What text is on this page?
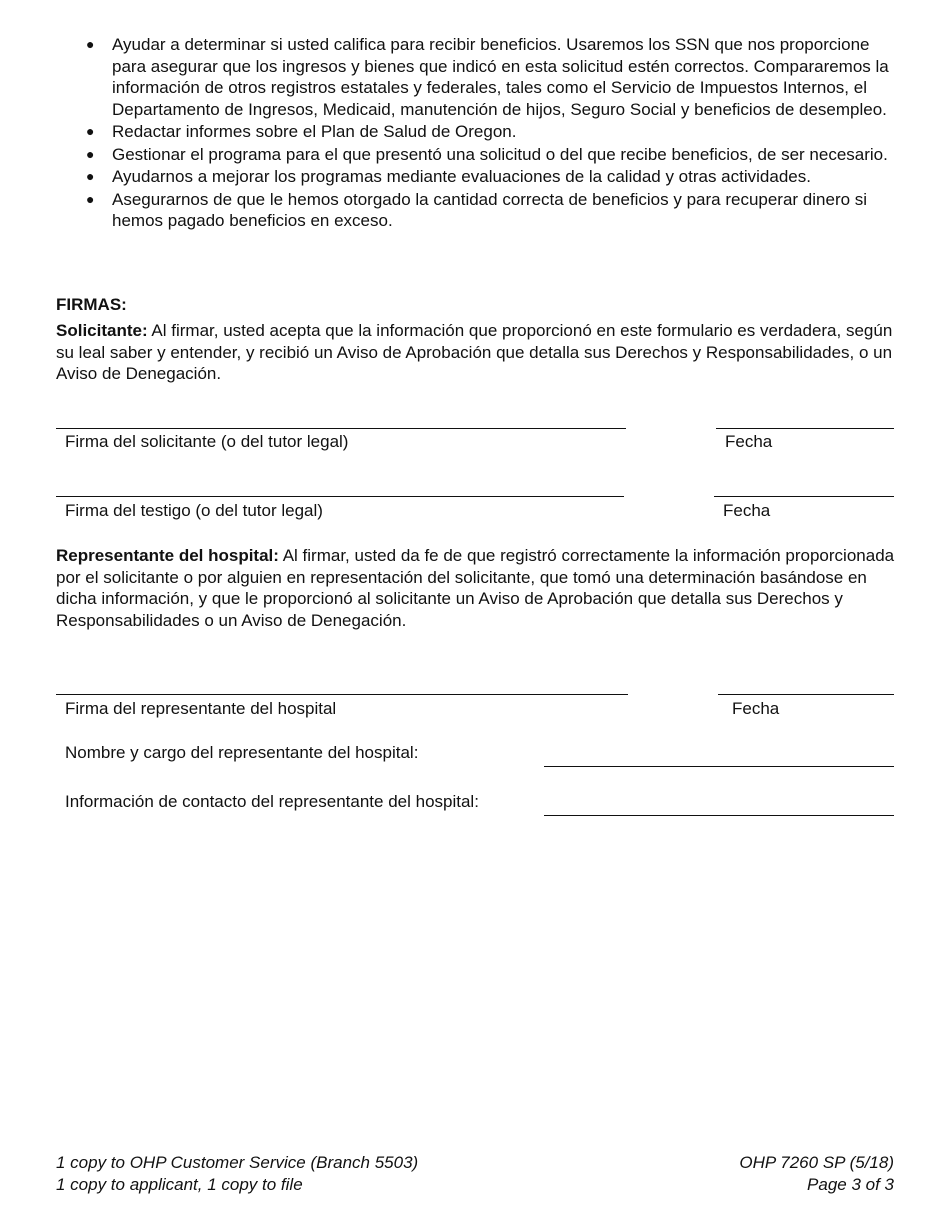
● Ayudar a determinar si usted califica para recibir beneficios. Usaremos los SSN que nos proporcione para asegurar que los ingresos y bienes que indicó en esta solicitud estén correctos. Compararemos la información de otros registros estatales y federales, tales como el Servicio de Impuestos Internos, el Departamento de Ingresos, Medicaid, manutención de hijos, Seguro Social y beneficios de desempleo.
● Redactar informes sobre el Plan de Salud de Oregon.
● Gestionar el programa para el que presentó una solicitud o del que recibe beneficios, de ser necesario.
● Ayudarnos a mejorar los programas mediante evaluaciones de la calidad y otras actividades.
● Asegurarnos de que le hemos otorgado la cantidad correcta de beneficios y para recuperar dinero si hemos pagado beneficios en exceso.

FIRMAS:

Solicitante: Al firmar, usted acepta que la información que proporcionó en este formulario es verdadera, según su leal saber y entender, y recibió un Aviso de Aprobación que detalla sus Derechos y Responsabilidades, o un Aviso de Denegación.

Firma del solicitante (o del tutor legal)	Fecha

Firma del testigo (o del tutor legal)	Fecha

Representante del hospital: Al firmar, usted da fe de que registró correctamente la información proporcionada por el solicitante o por alguien en representación del solicitante, que tomó una determinación basándose en dicha información, y que le proporcionó al solicitante un Aviso de Aprobación que detalla sus Derechos y Responsabilidades o un Aviso de Denegación.

Firma del representante del hospital	Fecha

Nombre y cargo del representante del hospital:

Información de contacto del representante del hospital:

1 copy to OHP Customer Service (Branch 5503)
1 copy to applicant, 1 copy to file
OHP 7260 SP (5/18)
Page 3 of 3
